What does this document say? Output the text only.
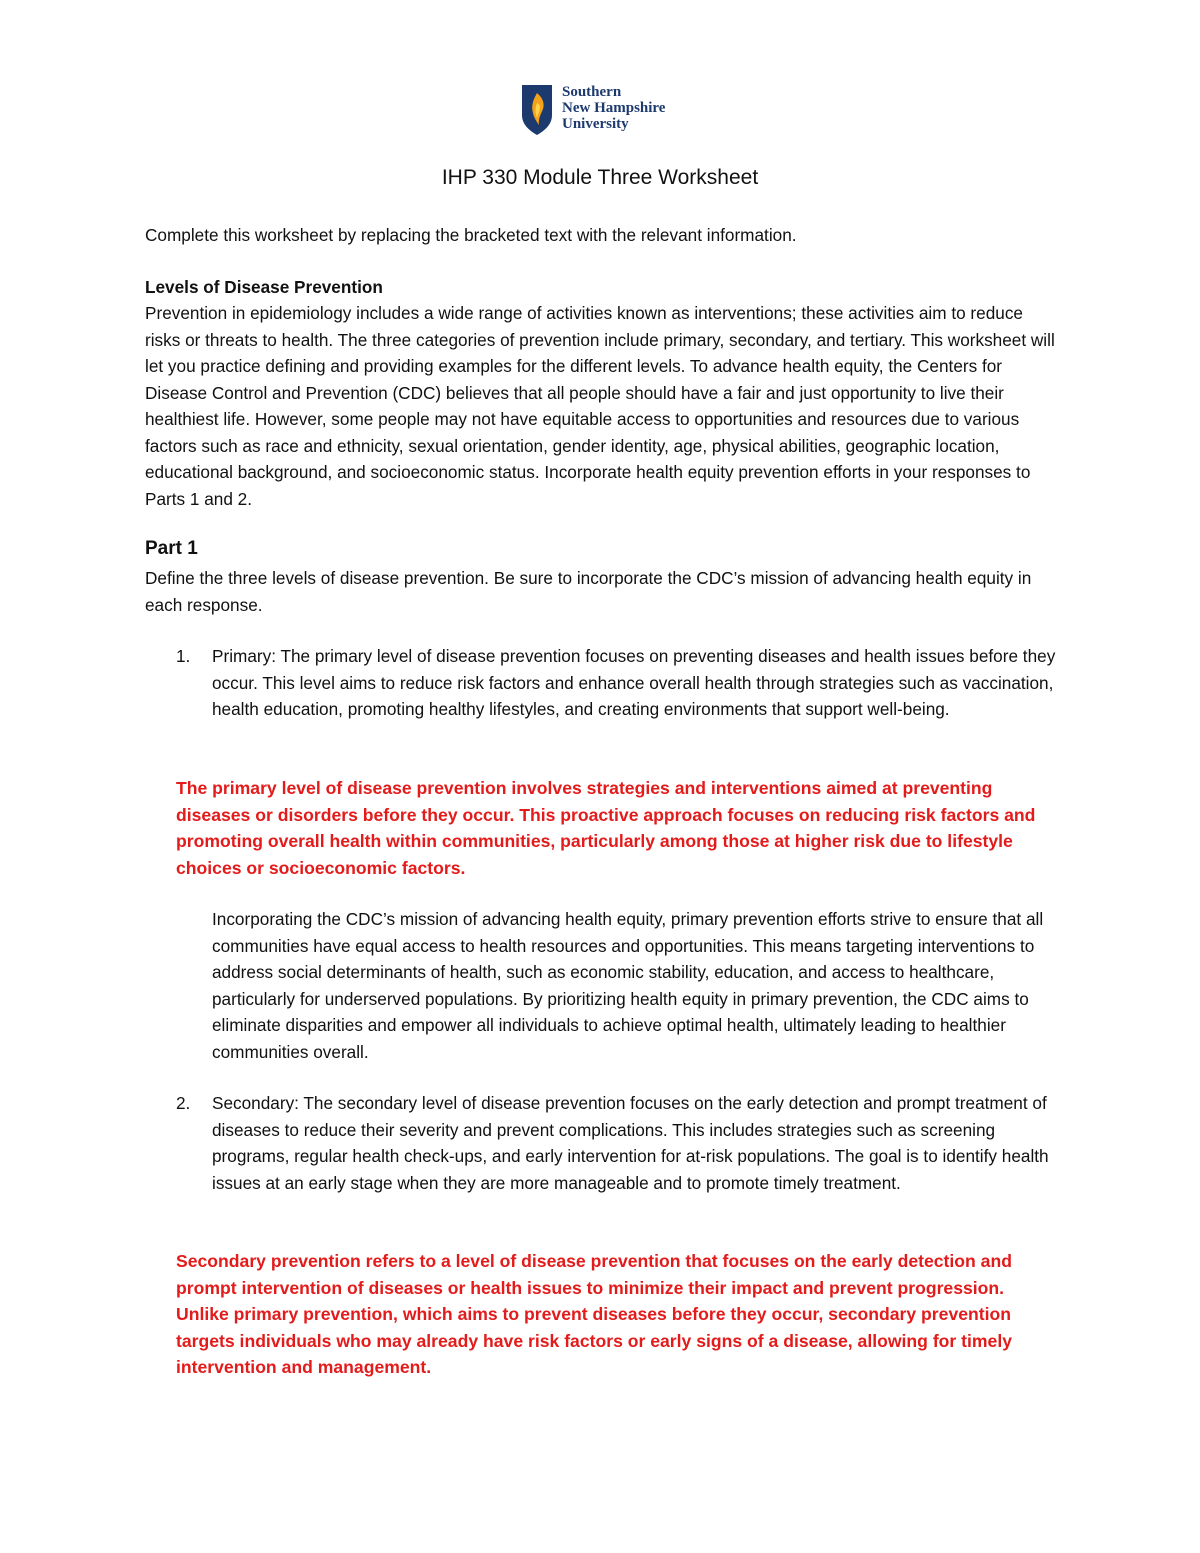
Southern
New Hampshire
University
IHP 330 Module Three Worksheet

Complete this worksheet by replacing the bracketed text with the relevant information.

Levels of Disease Prevention

Prevention in epidemiology includes a wide range of activities known as interventions; these activities aim to reduce risks or threats to health. The three categories of prevention include primary, secondary, and tertiary. This worksheet will let you practice defining and providing examples for the different levels. To advance health equity, the Centers for Disease Control and Prevention (CDC) believes that all people should have a fair and just opportunity to live their healthiest life. However, some people may not have equitable access to opportunities and resources due to various factors such as race and ethnicity, sexual orientation, gender identity, age, physical abilities, geographic location, educational background, and socioeconomic status. Incorporate health equity prevention efforts in your responses to Parts 1 and 2.

Part 1

Define the three levels of disease prevention. Be sure to incorporate the CDC’s mission of advancing health equity in each response.

1. Primary: The primary level of disease prevention focuses on preventing diseases and health issues before they occur. This level aims to reduce risk factors and enhance overall health through strategies such as vaccination, health education, promoting healthy lifestyles, and creating environments that support well-being.

The primary level of disease prevention involves strategies and interventions aimed at preventing diseases or disorders before they occur. This proactive approach focuses on reducing risk factors and promoting overall health within communities, particularly among those at higher risk due to lifestyle choices or socioeconomic factors.

Incorporating the CDC’s mission of advancing health equity, primary prevention efforts strive to ensure that all communities have equal access to health resources and opportunities. This means targeting interventions to address social determinants of health, such as economic stability, education, and access to healthcare, particularly for underserved populations. By prioritizing health equity in primary prevention, the CDC aims to eliminate disparities and empower all individuals to achieve optimal health, ultimately leading to healthier communities overall.

2. Secondary: The secondary level of disease prevention focuses on the early detection and prompt treatment of diseases to reduce their severity and prevent complications. This includes strategies such as screening programs, regular health check-ups, and early intervention for at-risk populations. The goal is to identify health issues at an early stage when they are more manageable and to promote timely treatment.

Secondary prevention refers to a level of disease prevention that focuses on the early detection and prompt intervention of diseases or health issues to minimize their impact and prevent progression. Unlike primary prevention, which aims to prevent diseases before they occur, secondary prevention targets individuals who may already have risk factors or early signs of a disease, allowing for timely intervention and management.
